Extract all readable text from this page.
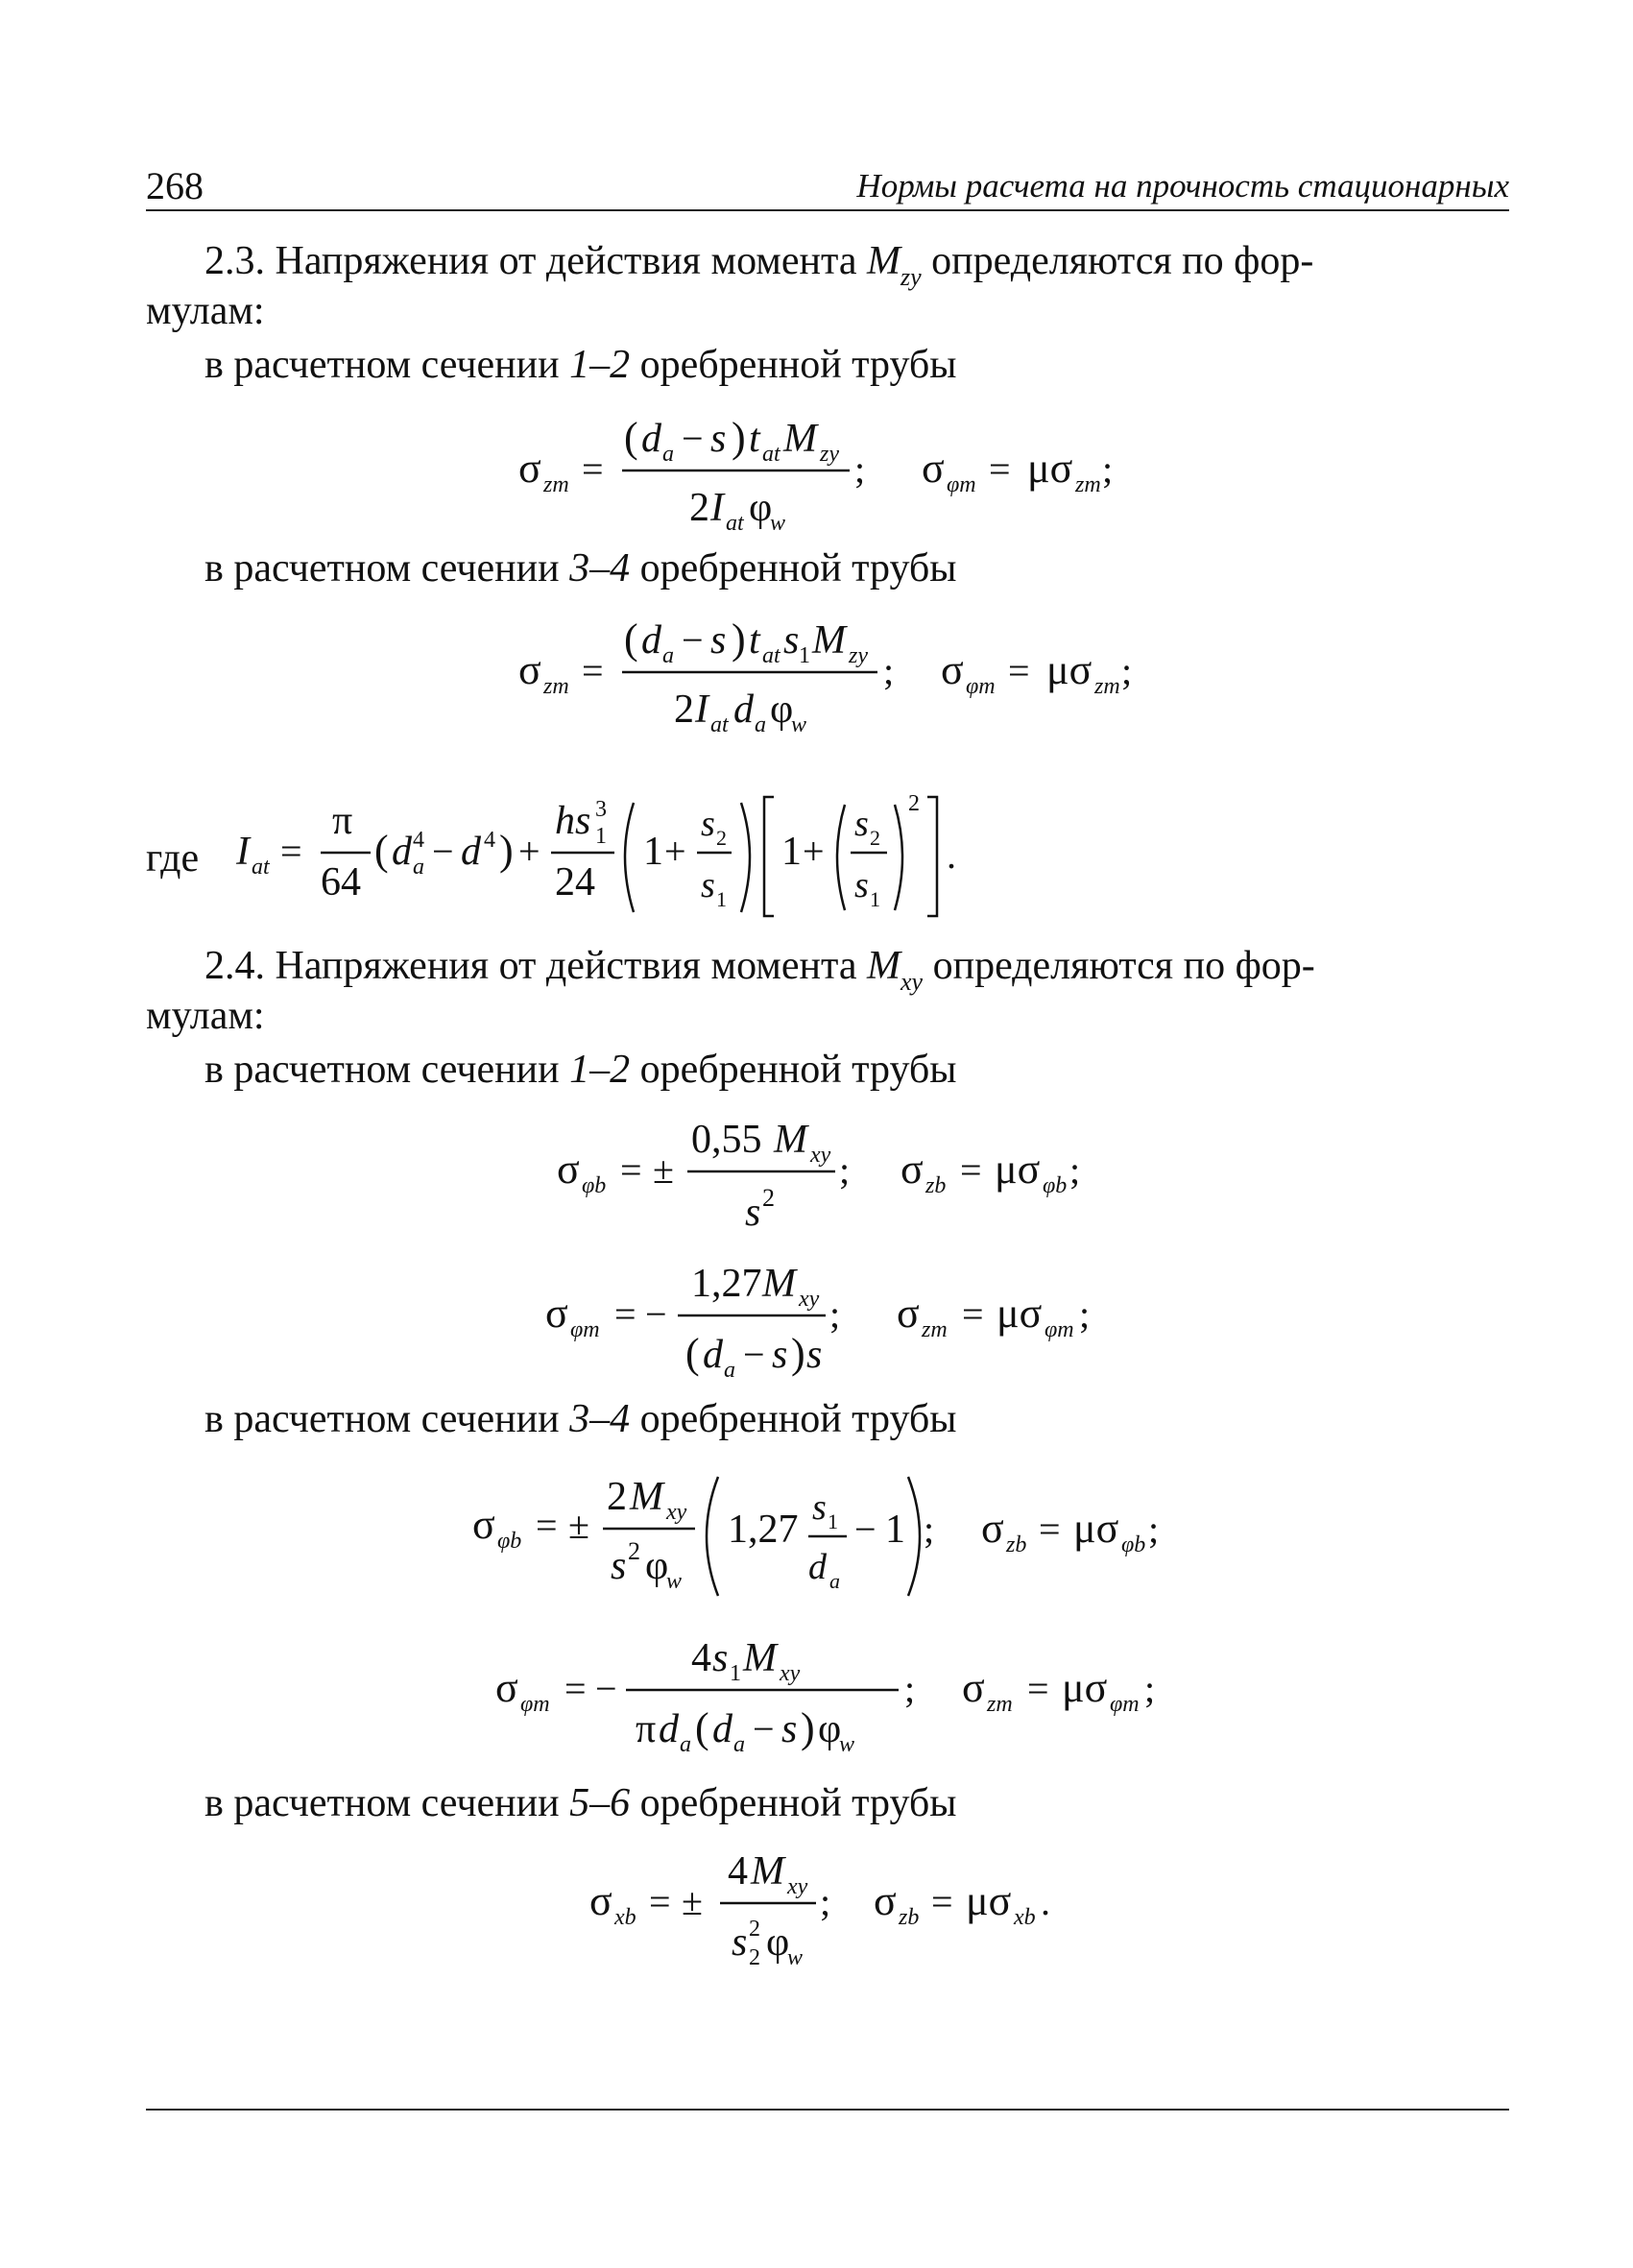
268	Нормы расчета на прочность стационарных
2.3. Напряжения от действия момента $M_{zy}$ определяются по фор-
мулам:
в расчетном сечении 1–2 оребренной трубы
σ zm =
( d a − s ) t at M zy
2 I at φ
w
; σ φm = μσ zm ;
в расчетном сечении 3–4 оребренной трубы
σ zm =
( d a − s ) t at s 1 M zy
2 I at d a φ
w
; σ φm = μσ zm ;
где I at =
π
64
( d 4
a − d 4 ) +
hs 3
1
24
1 +
s 2
s 1
1 +
s 2
s 1
2
.
2.4. Напряжения от действия момента $M_{xy}$ определяются по фор-
мулам:
в расчетном сечении 1–2 оребренной трубы
σ φb = ±
0,55 M xy
s 2
; σ zb = μσ φb ;
σ φm = −
1,27 M xy
( d a − s ) s
; σ zm = μσ φm ;
в расчетном сечении 3–4 оребренной трубы
σ φb = ±
2 M xy
s 2 φ
w
1,27 s 1
d a
− 1 ; σ zb = μσ φb ;
σ φm = −
4 s 1 M xy
π d a ( d a − s ) φ
w
; σ zm = μσ φm ;
в расчетном сечении 5–6 оребренной трубы
σ xb = ±
4 M xy
s 2
2 φ
w
; σ zb = μσ xb .
